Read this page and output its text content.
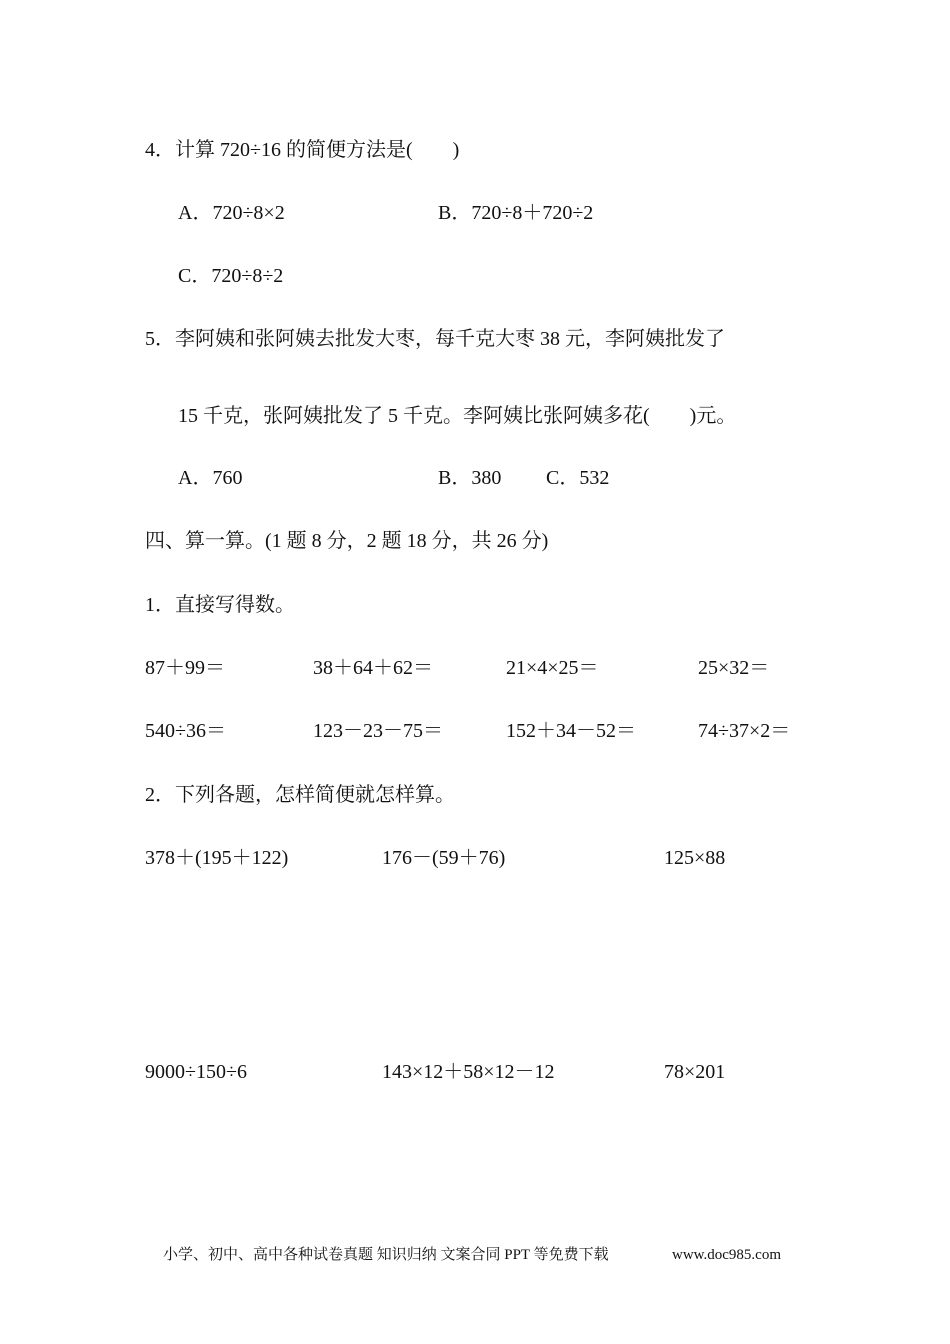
4．计算 720÷16 的简便方法是(　　)
A．720÷8×2	B．720÷8＋720÷2
C．720÷8÷2
5．李阿姨和张阿姨去批发大枣，每千克大枣 38 元，李阿姨批发了
15 千克，张阿姨批发了 5 千克。李阿姨比张阿姨多花(　　)元。
A．760	B．380 C．532
四、算一算。(1 题 8 分，2 题 18 分，共 26 分)
1．直接写得数。
87＋99＝	38＋64＋62＝	21×4×25＝	25×32＝
540÷36＝	123－23－75＝	152＋34－52＝	74÷37×2＝
2．下列各题，怎样简便就怎样算。
378＋(195＋122)	176－(59＋76)	125×88
9000÷150÷6	143×12＋58×12－12	78×201
小学、初中、高中各种试卷真题 知识归纳 文案合同 PPT 等免费下载	www.doc985.com
